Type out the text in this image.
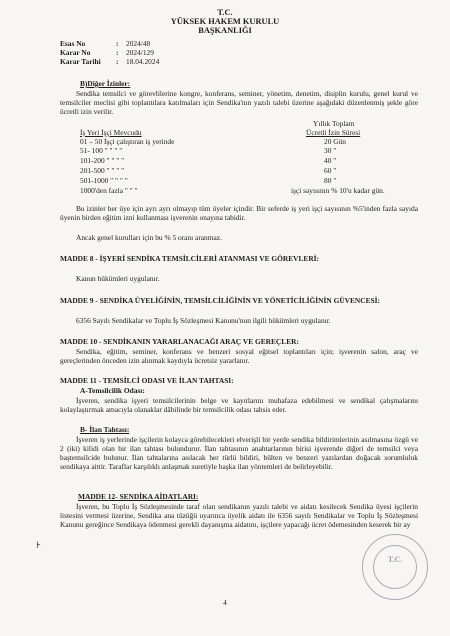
T.C.
YÜKSEK HAKEM KURULU
BAŞKANLIĞI
Esas No	: 2024/48
Karar No	: 2024/129
Karar Tarihi : 18.04.2024
B)Diğer İzinler:
Sendika temsilci ve görevlilerine kongre, konferans, seminer, yönetim, denetim, disiplin kurulu, genel kurul ve temsilciler meclisi gibi toplantılara katılmaları için Sendika'nın yazılı talebi üzerine aşağıdaki düzenlenmiş şekle göre ücretli izin verilir.
Yıllık Toplam
İş Yeri İşçi Mevcudu	Ücretli İzin Süresi
01 – 50 İşçi çalıştıran iş yerinde	20 Gün
51- 100 " " " "	30 "
101-200 " " " "	40 "
201-500 " " " "	60 "
501-1000 " " " "	80 "
1000'den fazla " " "	işçi sayısının % 10'u kadar gün.
Bu izinler her üye için ayrı ayrı olmayıp tüm üyeler içindir. Bir seferde iş yeri işçi sayısının %5'inden fazla sayıda üyenin birden eğitim izni kullanması işverenin onayına tabidir.
Ancak genel kurulları için bu % 5 oranı aranmaz.
MADDE 8 - İŞYERİ SENDİKA TEMSİLCİLERİ ATANMASI VE GÖREVLERİ:
Kanun hükümleri uygulanır.
MADDE 9 - SENDİKA ÜYELİĞİNİN, TEMSİLCİLİĞİNİN VE YÖNETİCİLİĞİNİN GÜVENCESİ:
6356 Sayılı Sendikalar ve Toplu İş Sözleşmesi Kanunu'nun ilgili hükümleri uygulanır.
MADDE 10 - SENDİKANIN YARARLANACAĞI ARAÇ VE GEREÇLER:
Sendika, eğitim, seminer, konferans ve benzeri sosyal eğitsel toplantıları için; işverenin salon, araç ve gereçlerinden önceden izin alınmak kaydıyla ücretsiz yararlanır.
MADDE 11 - TEMSİLCİ ODASI VE İLAN TAHTASI:
A-Temsilcilik Odası:
İşveren, sendika işyeri temsilcilerinin belge ve kayıtlarını muhafaza edebilmesi ve sendikal çalışmalarını kolaylaştırmak amacıyla olanaklar dâhilinde bir temsilcilik odası tahsis eder.
B- İlan Tahtası:
İşveren iş yerlerinde işçilerin kolayca görebilecekleri elverişli bir yerde sendika bildirimlerinin asılmasına özgü ve 2 (iki) kilidi olan bir ilan tahtası bulundurur. İlan tahtasının anahtarlarının birisi işverende diğeri de temsilci veya baştemsilcide bulunur. İlan tahtalarına asılacak her türlü bildiri, bülten ve benzeri yazılardan doğacak sorumluluk sendikaya aittir. Taraflar karşılıklı anlaşmak suretiyle başka ilan yöntemleri de belirleyebilir.
MADDE 12- SENDİKA AİDATLARI:
İşveren, bu Toplu İş Sözleşmesinde taraf olan sendikanın yazılı talebi ve aidatı kesilecek Sendika üyesi işçilerin listesini vermesi üzerine, Sendika ana tüzüğü uyarınca üyelik aidatı ile 6356 sayılı Sendikalar ve Toplu İş Sözleşmesi Kanunu gereğince Sendikaya ödenmesi gerekli dayanışma aidatını, işçilere yapacağı ücret ödemesinden keserek bir ay
T.C.
⊦
4
